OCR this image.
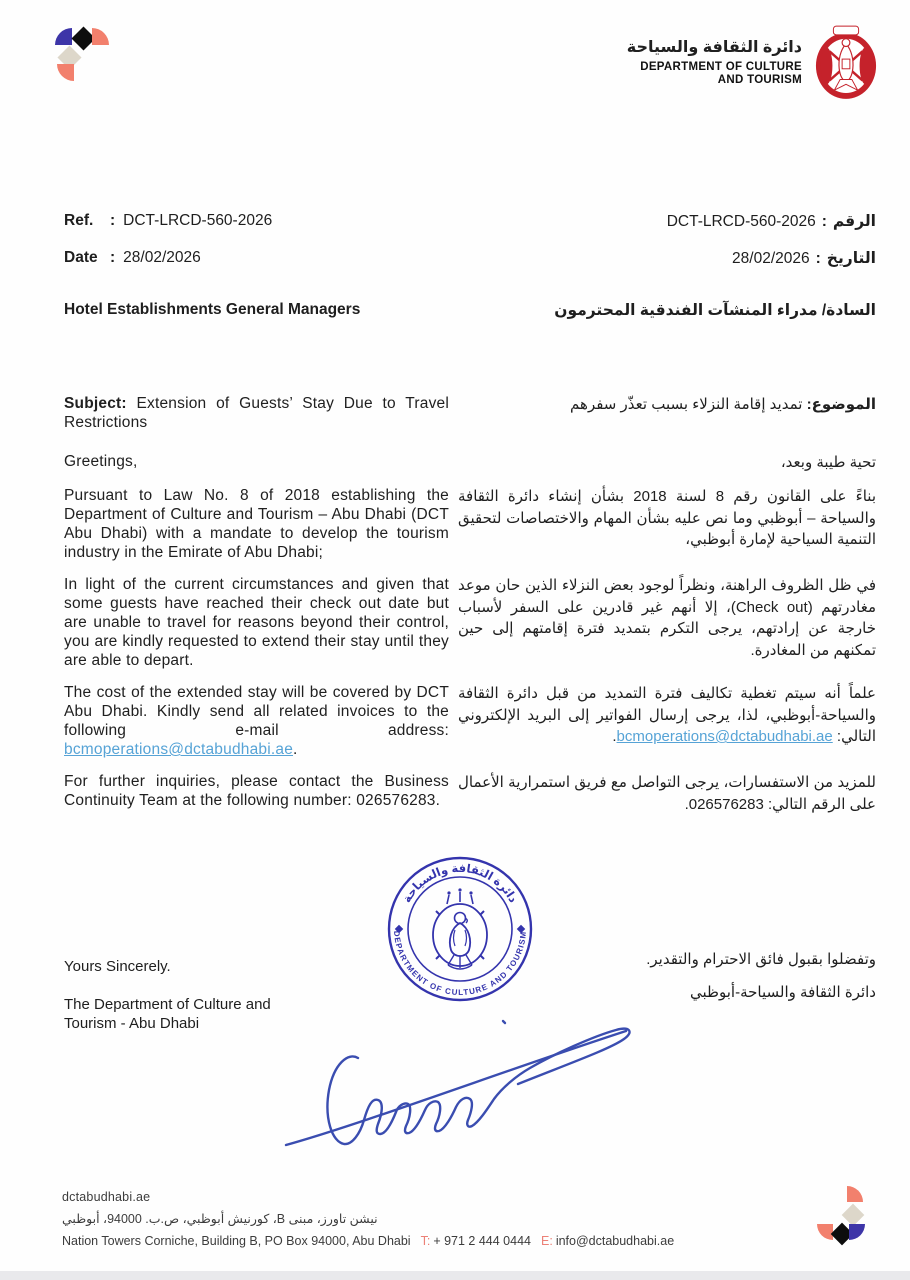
دائرة الثقافة والسياحة
DEPARTMENT OF CULTURE
AND TOURISM
Ref. : DCT-LRCD-560-2026	الرقم:DCT-LRCD-560-2026
Date : 28/02/2026	التاريخ:28/02/2026
Hotel Establishments General Managers	السادة/ مدراء المنشآت الفندقية المحترمون
Subject: Extension of Guests’ Stay Due to Travel Restrictions
الموضوع: تمديد إقامة النزلاء بسبب تعذّر سفرهم
Greetings,	تحية طيبة وبعد،
Pursuant to Law No. 8 of 2018 establishing the Department of Culture and Tourism – Abu Dhabi (DCT Abu Dhabi) with a mandate to develop the tourism industry in the Emirate of Abu Dhabi;
بناءً على القانون رقم 8 لسنة 2018 بشأن إنشاء دائرة الثقافة والسياحة – أبوظبي وما نص عليه بشأن المهام والاختصاصات لتحقيق التنمية السياحية لإمارة أبوظبي،
In light of the current circumstances and given that some guests have reached their check out date but are unable to travel for reasons beyond their control, you are kindly requested to extend their stay until they are able to depart.
في ظل الظروف الراهنة، ونظراً لوجود بعض النزلاء الذين حان موعد مغادرتهم (Check out)، إلا أنهم غير قادرين على السفر لأسباب خارجة عن إرادتهم، يرجى التكرم بتمديد فترة إقامتهم إلى حين تمكنهم من المغادرة.
The cost of the extended stay will be covered by DCT Abu Dhabi. Kindly send all related invoices to the following e-mail address: bcmoperations@dctabudhabi.ae.
علماً أنه سيتم تغطية تكاليف فترة التمديد من قبل دائرة الثقافة والسياحة-أبوظبي، لذا، يرجى إرسال الفواتير إلى البريد الإلكتروني التالي: bcmoperations@dctabudhabi.ae.
For further inquiries, please contact the Business Continuity Team at the following number: 026576283.
للمزيد من الاستفسارات، يرجى التواصل مع فريق استمرارية الأعمال على الرقم التالي: 026576283.
دائرة الثقافة والسياحة
DEPARTMENT OF CULTURE AND TOURISM
Yours Sincerely.
The Department of Culture and Tourism - Abu Dhabi
وتفضلوا بقبول فائق الاحترام والتقدير.
دائرة الثقافة والسياحة-أبوظبي
dctabudhabi.ae
نيشن تاورز، مبنى B، كورنيش أبوظبي، ص.ب. 94000، أبوظبي
Nation Towers Corniche, Building B, PO Box 94000, Abu Dhabi T: + 971 2 444 0444 E: info@dctabudhabi.ae
